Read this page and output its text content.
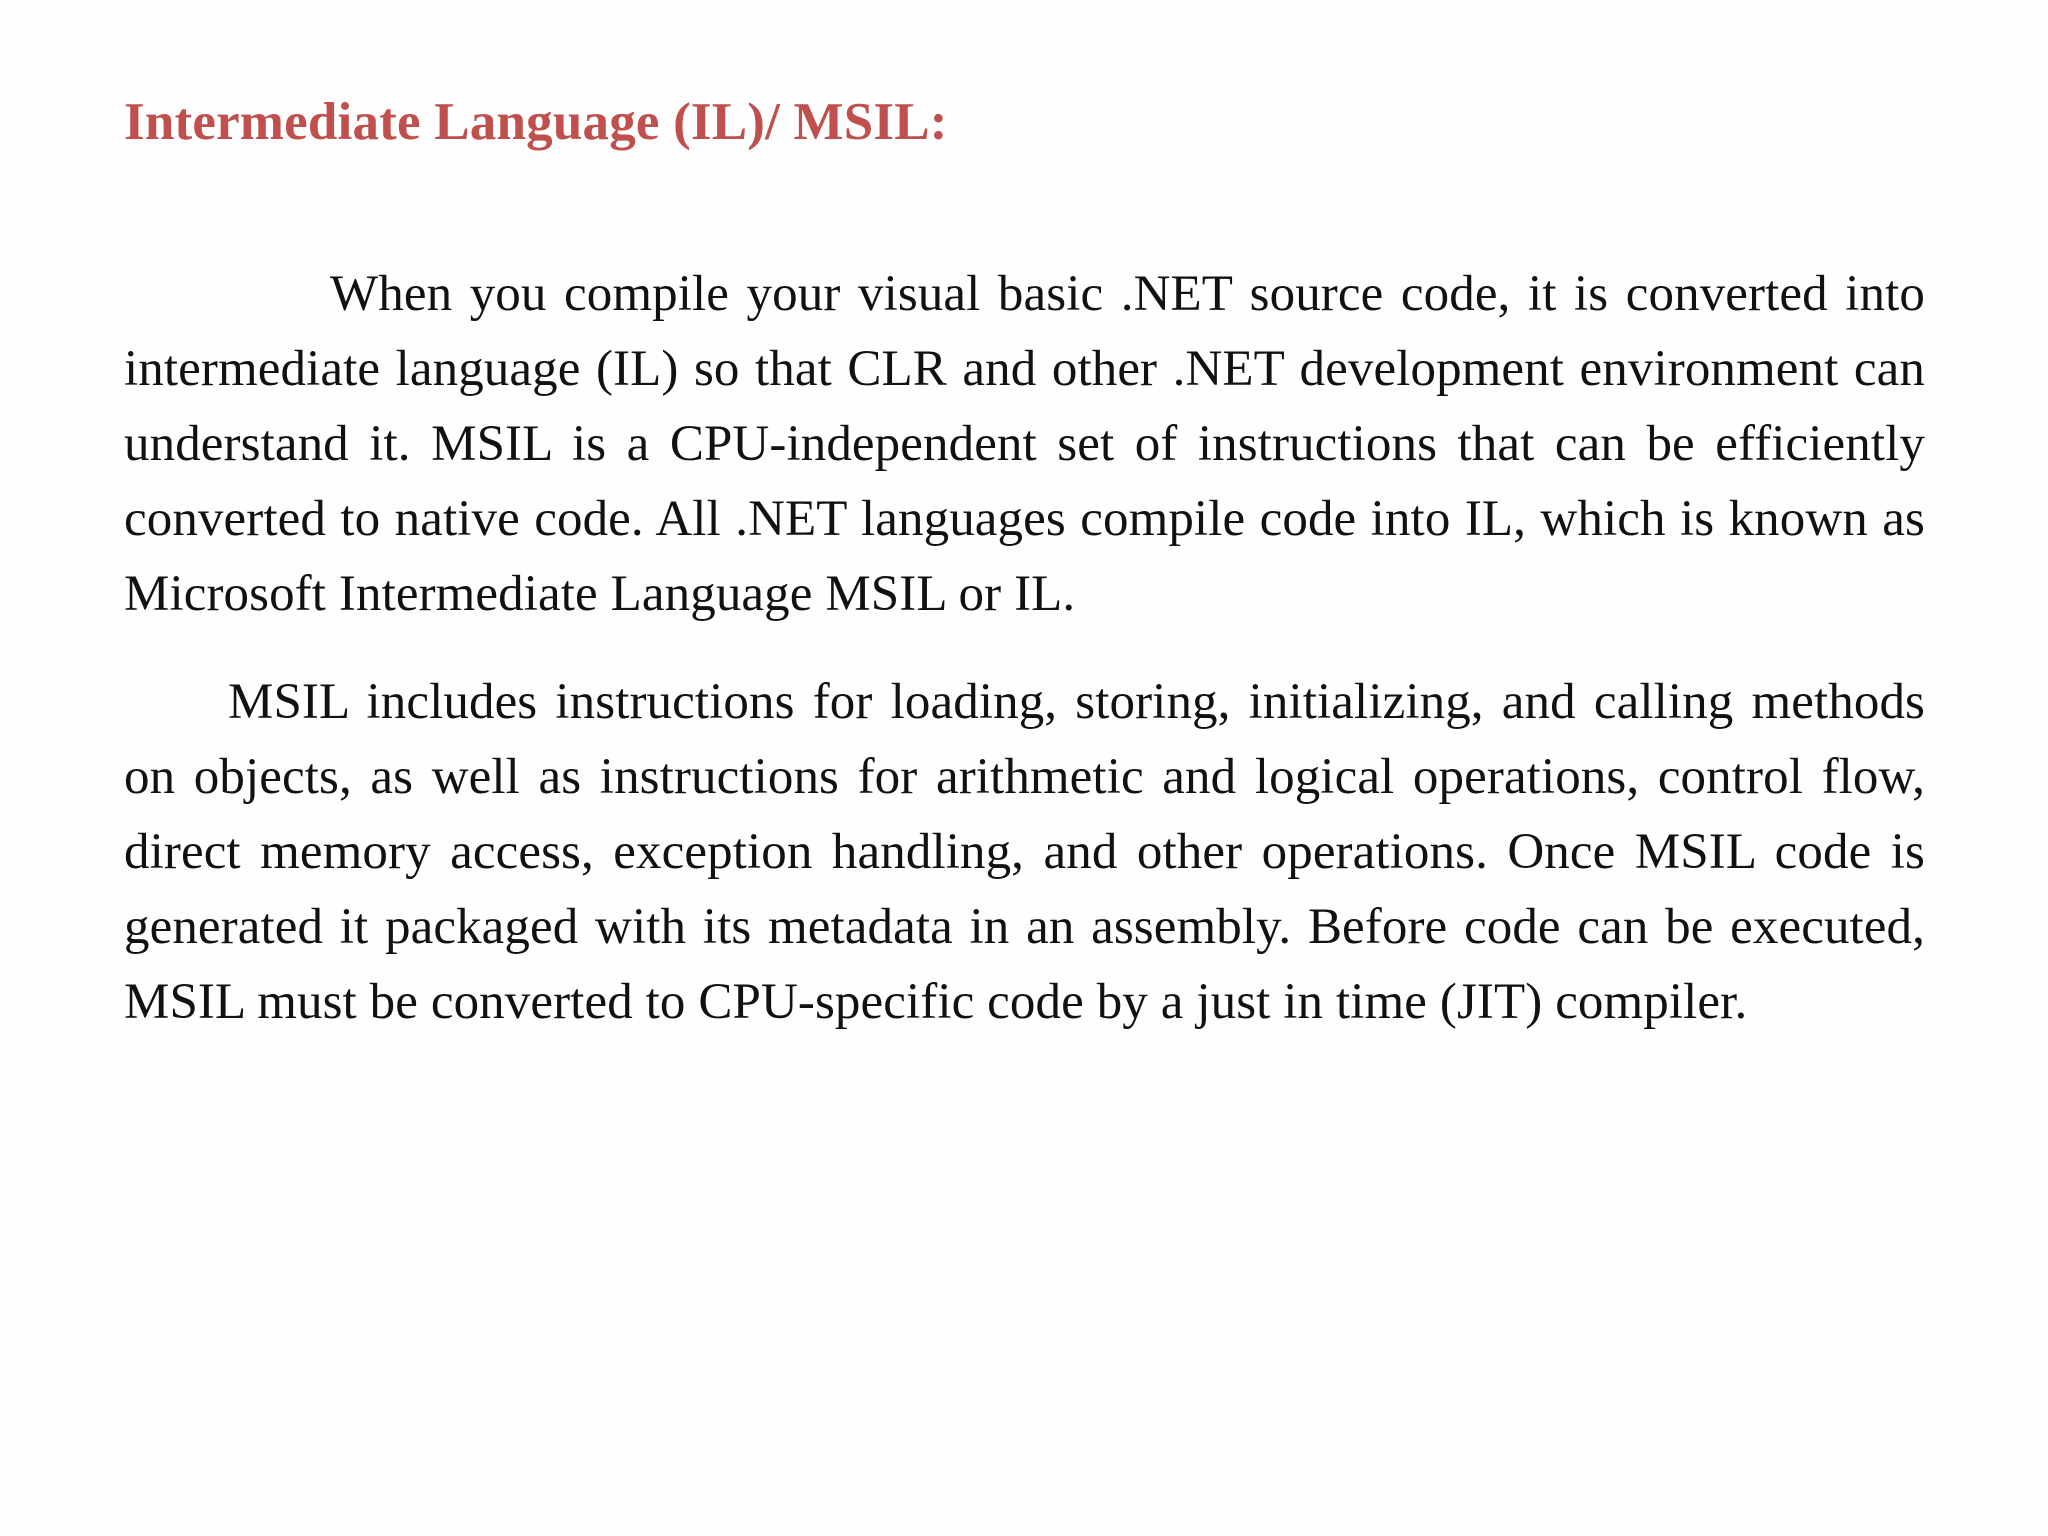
Intermediate Language (IL)/ MSIL:

When you compile your visual basic .NET source code, it is converted into intermediate language (IL) so that CLR and other .NET development environment can understand it. MSIL is a CPU-independent set of instructions that can be efficiently converted to native code. All .NET languages compile code into IL, which is known as Microsoft Intermediate Language MSIL or IL.

MSIL includes instructions for loading, storing, initializing, and calling methods on objects, as well as instructions for arithmetic and logical operations, control flow, direct memory access, exception handling, and other operations. Once MSIL code is generated it packaged with its metadata in an assembly. Before code can be executed, MSIL must be converted to CPU-specific code by a just in time (JIT) compiler.
